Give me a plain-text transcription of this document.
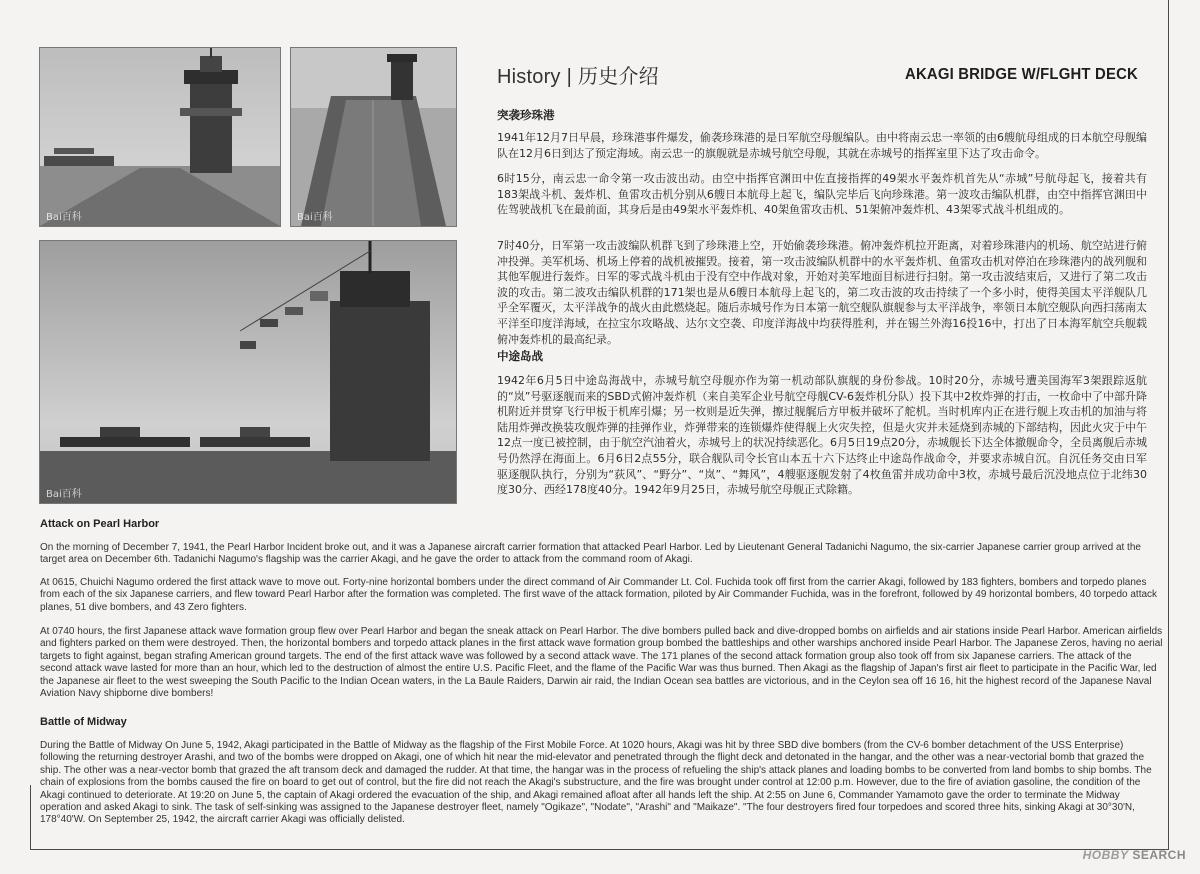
Bai百科	Bai百科
Bai百科
History | 历史介绍	AKAGI BRIDGE W/FLGHT DECK
突袭珍珠港

1941年12月7日早晨，珍珠港事件爆发，偷袭珍珠港的是日军航空母舰编队。由中将南云忠一率领的由6艘航母组成的日本航空母舰编队在12月6日到达了预定海域。南云忠一的旗舰就是赤城号航空母舰，其就在赤城号的指挥室里下达了攻击命令。

6时15分，南云忠一命令第一攻击波出动。由空中指挥官渊田中佐直接指挥的49架水平轰炸机首先从“赤城”号航母起飞，接着共有183架战斗机、轰炸机、鱼雷攻击机分别从6艘日本航母上起飞，编队完毕后飞向珍珠港。第一波攻击编队机群，由空中指挥官渊田中佐驾驶战机飞在最前面，其身后是由49架水平轰炸机、40架鱼雷攻击机、51架俯冲轰炸机、43架零式战斗机组成的。

7时40分，日军第一攻击波编队机群飞到了珍珠港上空，开始偷袭珍珠港。俯冲轰炸机拉开距离，对着珍珠港内的机场、航空站进行俯冲投弹。美军机场、机场上停着的战机被摧毁。接着，第一攻击波编队机群中的水平轰炸机、鱼雷攻击机对停泊在珍珠港内的战列舰和其他军舰进行轰炸。日军的零式战斗机由于没有空中作战对象，开始对美军地面目标进行扫射。第一攻击波结束后，又进行了第二攻击波的攻击。第二波攻击编队机群的171架也是从6艘日本航母上起飞的，第二攻击波的攻击持续了一个多小时，使得美国太平洋舰队几乎全军覆灭，太平洋战争的战火由此燃烧起。随后赤城号作为日本第一航空舰队旗舰参与太平洋战争，率领日本航空舰队向西扫荡南太平洋至印度洋海域，在拉宝尔攻略战、达尔文空袭、印度洋海战中均获得胜利，并在锡兰外海16投16中，打出了日本海军航空兵舰载俯冲轰炸机的最高纪录。

中途岛战

1942年6月5日中途岛海战中，赤城号航空母舰亦作为第一机动部队旗舰的身份参战。10时20分，赤城号遭美国海军3架跟踪返航的“岚”号驱逐舰而来的SBD式俯冲轰炸机（来自美军企业号航空母舰CV-6轰炸机分队）投下其中2枚炸弹的打击，一枚命中了中部升降机附近并贯穿飞行甲板于机库引爆；另一枚则是近失弹，擦过舰艉后方甲板并破坏了舵机。当时机库内正在进行舰上攻击机的加油与将陆用炸弹改换装攻舰炸弹的挂弹作业，炸弹带来的连锁爆炸使得舰上火灾失控，但是火灾并未延烧到赤城的下部结构，因此火灾于中午12点一度已被控制，由于航空汽油着火，赤城号上的状况持续恶化。6月5日19点20分，赤城舰长下达全体撤舰命令，全员离舰后赤城号仍然浮在海面上。6月6日2点55分，联合舰队司令长官山本五十六下达终止中途岛作战命令，并要求赤城自沉。自沉任务交由日军驱逐舰队执行，分别为“荻风”、“野分”、“岚”、“舞风”，4艘驱逐舰发射了4枚鱼雷并成功命中3枚，赤城号最后沉没地点位于北纬30度30分、西经178度40分。1942年9月25日，赤城号航空母舰正式除籍。

Attack on Pearl Harbor

On the morning of December 7, 1941, the Pearl Harbor Incident broke out, and it was a Japanese aircraft carrier formation that attacked Pearl Harbor. Led by Lieutenant General Tadanichi Nagumo, the six-carrier Japanese carrier group arrived at the target area on December 6th. Tadanichi Nagumo's flagship was the carrier Akagi, and he gave the order to attack from the command room of Akagi.

At 0615, Chuichi Nagumo ordered the first attack wave to move out. Forty-nine horizontal bombers under the direct command of Air Commander Lt. Col. Fuchida took off first from the carrier Akagi, followed by 183 fighters, bombers and torpedo planes from each of the six Japanese carriers, and flew toward Pearl Harbor after the formation was completed. The first wave of the attack formation, piloted by Air Commander Fuchida, was in the forefront, followed by 49 horizontal bombers, 40 torpedo attack planes, 51 dive bombers, and 43 Zero fighters.

At 0740 hours, the first Japanese attack wave formation group flew over Pearl Harbor and began the sneak attack on Pearl Harbor. The dive bombers pulled back and dive-dropped bombs on airfields and air stations inside Pearl Harbor. American airfields and fighters parked on them were destroyed. Then, the horizontal bombers and torpedo attack planes in the first attack wave formation group bombed the battleships and other warships anchored inside Pearl Harbor. The Japanese Zeros, having no aerial targets to fight against, began strafing American ground targets. The end of the first attack wave was followed by a second attack wave. The 171 planes of the second attack formation group also took off from six Japanese carriers. The attack of the second attack wave lasted for more than an hour, which led to the destruction of almost the entire U.S. Pacific Fleet, and the flame of the Pacific War was thus burned. Then Akagi as the flagship of Japan's first air fleet to participate in the Pacific War, led the Japanese air fleet to the west sweeping the South Pacific to the Indian Ocean waters, in the La Baule Raiders, Darwin air raid, the Indian Ocean sea battles are victorious, and in the Ceylon sea off 16 16, hit the highest record of the Japanese Naval Aviation Navy shipborne dive bombers!

Battle of Midway

During the Battle of Midway On June 5, 1942, Akagi participated in the Battle of Midway as the flagship of the First Mobile Force. At 1020 hours, Akagi was hit by three SBD dive bombers (from the CV-6 bomber detachment of the USS Enterprise) following the returning destroyer Arashi, and two of the bombs were dropped on Akagi, one of which hit near the mid-elevator and penetrated through the flight deck and detonated in the hangar, and the other was a near-vectorial bomb that grazed the ship. The other was a near-vector bomb that grazed the aft transom deck and damaged the rudder. At that time, the hangar was in the process of refueling the ship's attack planes and loading bombs to be converted from land bombs to ship bombs. The chain of explosions from the bombs caused the fire on board to get out of control, but the fire did not reach the Akagi's substructure, and the fire was brought under control at 12:00 p.m. However, due to the fire of aviation gasoline, the condition of the Akagi continued to deteriorate. At 19:20 on June 5, the captain of Akagi ordered the evacuation of the ship, and Akagi remained afloat after all hands left the ship. At 2:55 on June 6, Commander Yamamoto gave the order to terminate the Midway operation and asked Akagi to sink. The task of self-sinking was assigned to the Japanese destroyer fleet, namely "Ogikaze", "Nodate", "Arashi" and "Maikaze". "The four destroyers fired four torpedoes and scored three hits, sinking Akagi at 30°30'N, 178°40'W. On September 25, 1942, the aircraft carrier Akagi was officially delisted.

HOBBY SEARCH
